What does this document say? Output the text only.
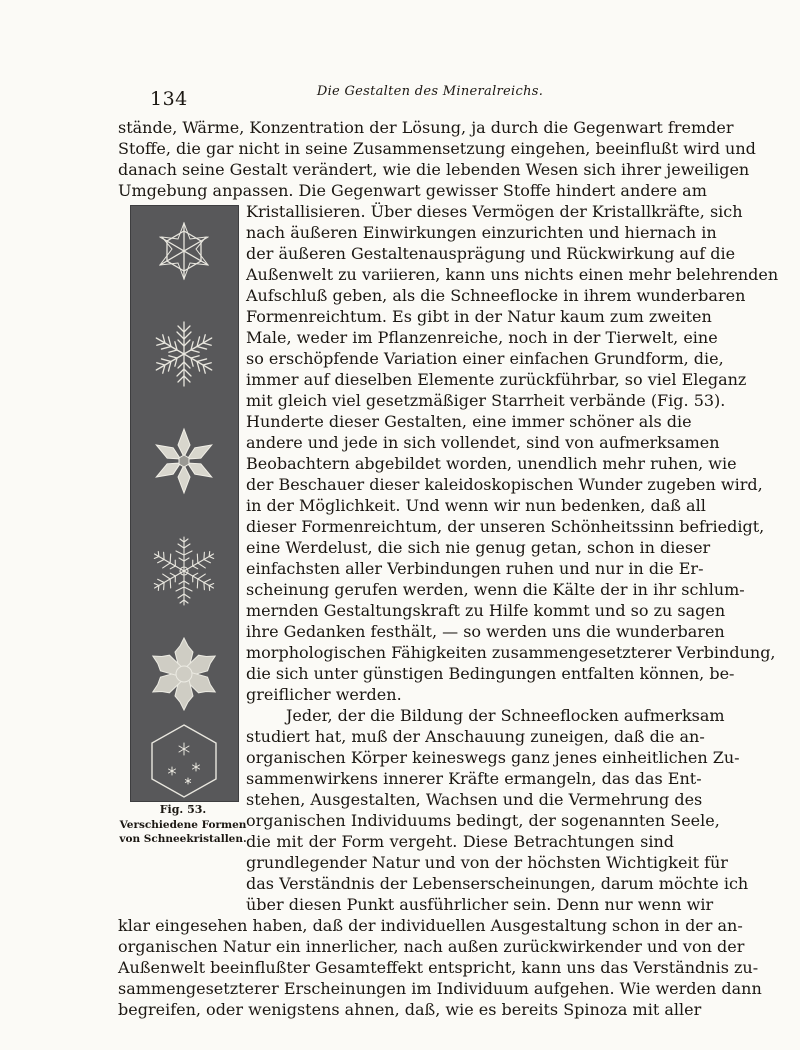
134	Die Gestalten des Mineralreichs.
stände, Wärme, Konzentration der Lösung, ja durch die Gegenwart fremder
Stoffe, die gar nicht in seine Zusammensetzung eingehen, beeinflußt wird und
danach seine Gestalt verändert, wie die lebenden Wesen sich ihrer jeweiligen
Umgebung anpassen. Die Gegenwart gewisser Stoffe hindert andere am
Kristallisieren. Über dieses Vermögen der Kristallkräfte, sich
nach äußeren Einwirkungen einzurichten und hiernach in
der äußeren Gestaltenausprägung und Rückwirkung auf die
Außenwelt zu variieren, kann uns nichts einen mehr belehrenden
Aufschluß geben, als die Schneeflocke in ihrem wunderbaren
Formenreichtum. Es gibt in der Natur kaum zum zweiten
Male, weder im Pflanzenreiche, noch in der Tierwelt, eine
so erschöpfende Variation einer einfachen Grundform, die,
immer auf dieselben Elemente zurückführbar, so viel Eleganz
mit gleich viel gesetzmäßiger Starrheit verbände (Fig. 53).
Hunderte dieser Gestalten, eine immer schöner als die
andere und jede in sich vollendet, sind von aufmerksamen
Beobachtern abgebildet worden, unendlich mehr ruhen, wie
der Beschauer dieser kaleidoskopischen Wunder zugeben wird,
in der Möglichkeit. Und wenn wir nun bedenken, daß all
dieser Formenreichtum, der unseren Schönheitssinn befriedigt,
eine Werdelust, die sich nie genug getan, schon in dieser
einfachsten aller Verbindungen ruhen und nur in die Er-
scheinung gerufen werden, wenn die Kälte der in ihr schlum-
mernden Gestaltungskraft zu Hilfe kommt und so zu sagen
ihre Gedanken festhält, — so werden uns die wunderbaren
morphologischen Fähigkeiten zusammengesetzterer Verbindung,
die sich unter günstigen Bedingungen entfalten können, be-
greiflicher werden.
Jeder, der die Bildung der Schneeflocken aufmerksam
studiert hat, muß der Anschauung zuneigen, daß die an-
organischen Körper keineswegs ganz jenes einheitlichen Zu-
sammenwirkens innerer Kräfte ermangeln, das das Ent-
stehen, Ausgestalten, Wachsen und die Vermehrung des
organischen Individuums bedingt, der sogenannten Seele,
die mit der Form vergeht. Diese Betrachtungen sind
grundlegender Natur und von der höchsten Wichtigkeit für
das Verständnis der Lebenserscheinungen, darum möchte ich
über diesen Punkt ausführlicher sein. Denn nur wenn wir
klar eingesehen haben, daß der individuellen Ausgestaltung schon in der an-
organischen Natur ein innerlicher, nach außen zurückwirkender und von der
Außenwelt beeinflußter Gesamteffekt entspricht, kann uns das Verständnis zu-
sammengesetzterer Erscheinungen im Individuum aufgehen. Wie werden dann
begreifen, oder wenigstens ahnen, daß, wie es bereits Spinoza mit aller
Fig. 53.
Verschiedene Formen
von Schneekristallen.
